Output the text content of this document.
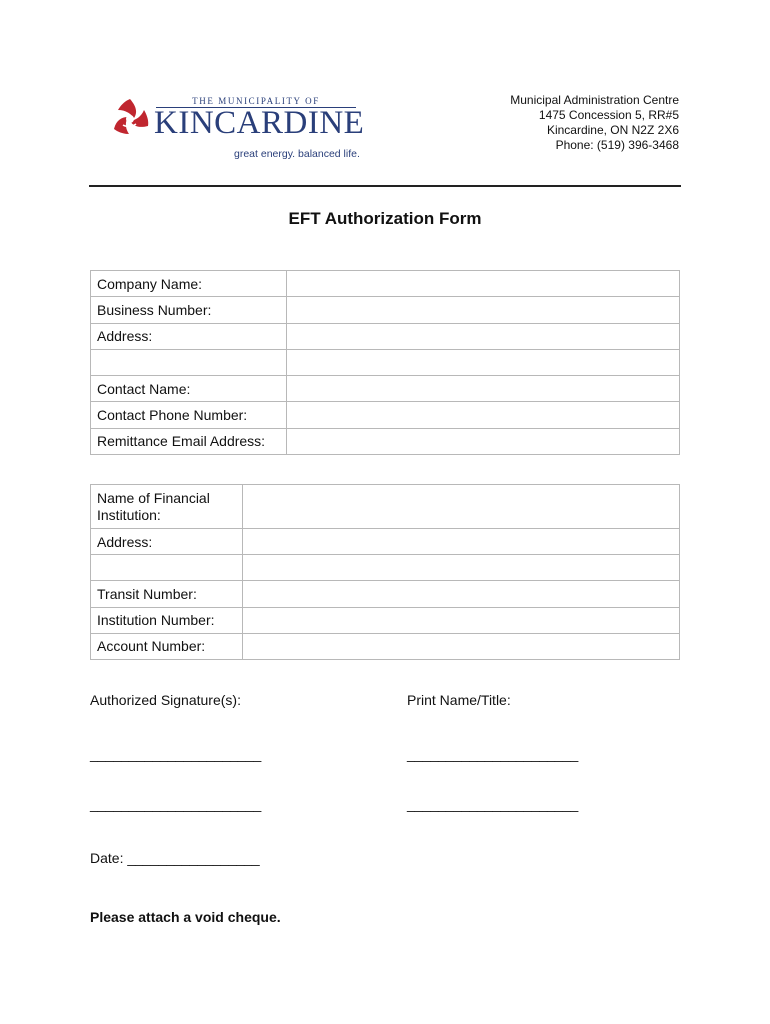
THE MUNICIPALITY OF
KINCARDINE
great energy. balanced life.
Municipal Administration Centre
1475 Concession 5, RR#5
Kincardine, ON N2Z 2X6
Phone: (519) 396-3468
EFT Authorization Form
Company Name:	
Business Number:	
Address:	

Contact Name:	
Contact Phone Number:	
Remittance Email Address:	
Name of Financial Institution:	
Address:	

Transit Number:	
Institution Number:	
Account Number:	
Authorized Signature(s):	Print Name/Title:
______________________	______________________
______________________	______________________
Date: _________________
Please attach a void cheque.
